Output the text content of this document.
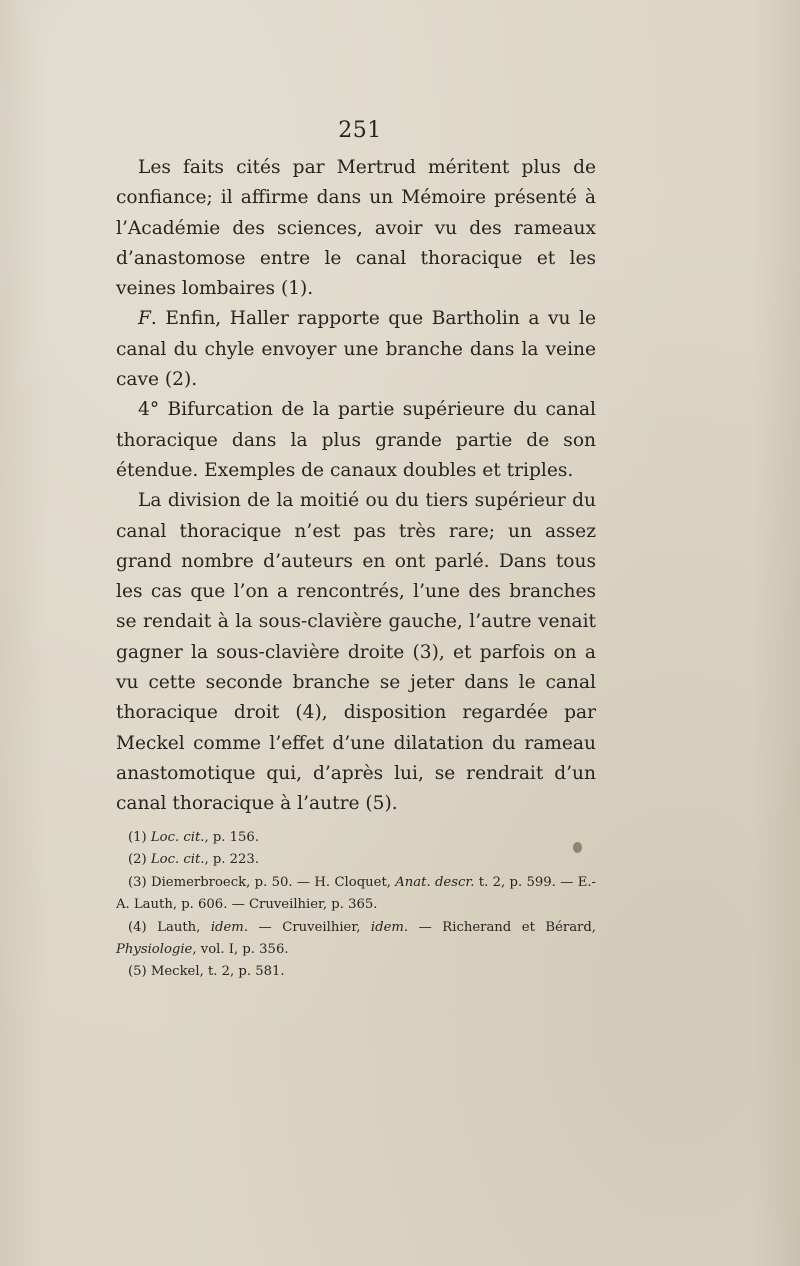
251

Les faits cités par Mertrud méritent plus de confiance; il affirme dans un Mémoire présenté à l’Académie des sciences, avoir vu des rameaux d’anastomose entre le canal thoracique et les veines lombaires (1).

F. Enfin, Haller rapporte que Bartholin a vu le canal du chyle envoyer une branche dans la veine cave (2).

4° Bifurcation de la partie supérieure du canal thoracique dans la plus grande partie de son étendue. Exemples de canaux doubles et triples.

La division de la moitié ou du tiers supérieur du canal thoracique n’est pas très rare; un assez grand nombre d’auteurs en ont parlé. Dans tous les cas que l’on a rencontrés, l’une des branches se rendait à la sous-clavière gauche, l’autre venait gagner la sous-clavière droite (3), et parfois on a vu cette seconde branche se jeter dans le canal thoracique droit (4), disposition regardée par Meckel comme l’effet d’une dilatation du rameau anastomotique qui, d’après lui, se rendrait d’un canal thoracique à l’autre (5).

(1) Loc. cit., p. 156.

(2) Loc. cit., p. 223.

(3) Diemerbroeck, p. 50. — H. Cloquet, Anat. descr. t. 2, p. 599. — E.-A. Lauth, p. 606. — Cruveilhier, p. 365.

(4) Lauth, idem. — Cruveilhier, idem. — Richerand et Bérard, Physiologie, vol. I, p. 356.

(5) Meckel, t. 2, p. 581.
